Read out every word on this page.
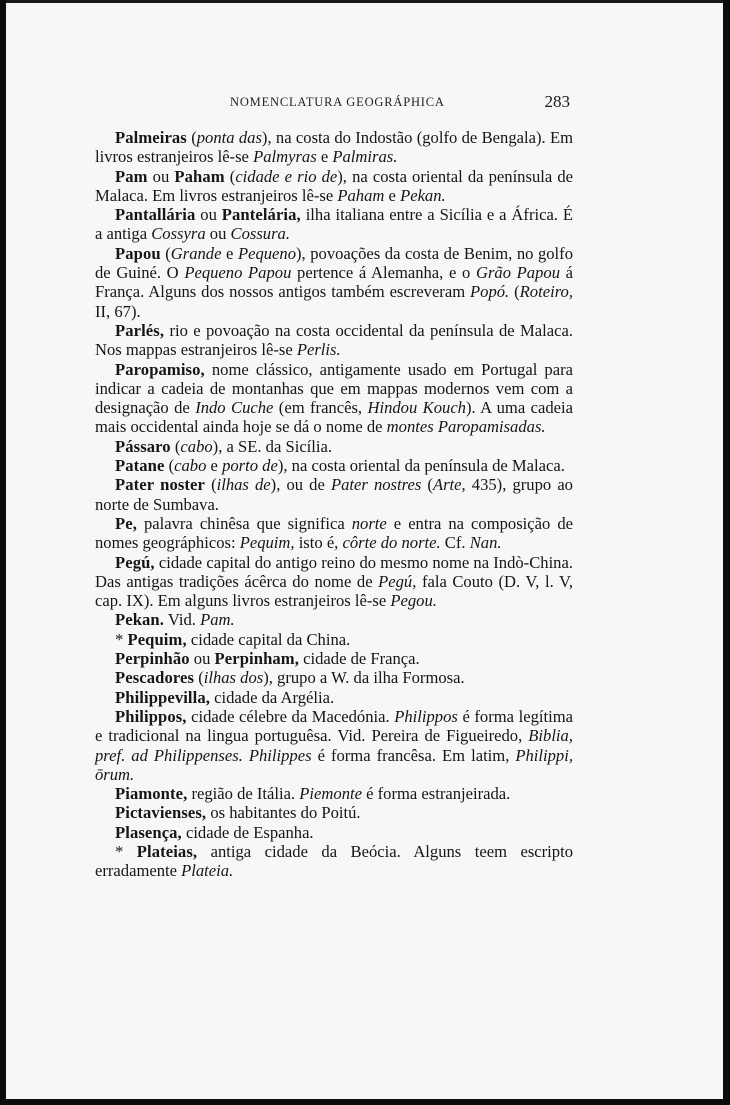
NOMENCLATURA GEOGRÁPHICA	283

Palmeiras (ponta das), na costa do Indostão (golfo de Bengala). Em livros estranjeiros lê-se Palmyras e Palmiras.

Pam ou Paham (cidade e rio de), na costa oriental da península de Malaca. Em livros estranjeiros lê-se Paham e Pekan.

Pantallária ou Pantelária, ilha italiana entre a Sicília e a África. É a antiga Cossyra ou Cossura.

Papou (Grande e Pequeno), povoações da costa de Benim, no golfo de Guiné. O Pequeno Papou pertence á Alemanha, e o Grão Papou á França. Alguns dos nossos antigos também escreveram Popó. (Roteiro, II, 67).

Parlés, rio e povoação na costa occidental da península de Malaca. Nos mappas estranjeiros lê-se Perlis.

Paropamiso, nome clássico, antigamente usado em Portugal para indicar a cadeia de montanhas que em mappas modernos vem com a designação de Indo Cuche (em francês, Hindou Kouch). A uma cadeia mais occidental ainda hoje se dá o nome de montes Paropamisadas.

Pássaro (cabo), a SE. da Sicília.

Patane (cabo e porto de), na costa oriental da península de Malaca.

Pater noster (ilhas de), ou de Pater nostres (Arte, 435), grupo ao norte de Sumbava.

Pe, palavra chinêsa que significa norte e entra na composição de nomes geográphicos: Pequim, isto é, côrte do norte. Cf. Nan.

Pegú, cidade capital do antigo reino do mesmo nome na Indò-China. Das antigas tradições ácêrca do nome de Pegú, fala Couto (D. V, l. V, cap. IX). Em alguns livros estranjeiros lê-se Pegou.

Pekan. Vid. Pam.

* Pequim, cidade capital da China.

Perpinhão ou Perpinham, cidade de França.

Pescadores (ilhas dos), grupo a W. da ilha Formosa.

Philippevilla, cidade da Argélia.

Philippos, cidade célebre da Macedónia. Philippos é forma legítima e tradicional na lingua portuguêsa. Vid. Pereira de Figueiredo, Biblia, pref. ad Philippenses. Philippes é forma francêsa. Em latim, Philippi, ōrum.

Piamonte, região de Itália. Piemonte é forma estranjeirada.

Pictavienses, os habitantes do Poitú.

Plasença, cidade de Espanha.

* Plateias, antiga cidade da Beócia. Alguns teem escripto erradamente Plateia.
